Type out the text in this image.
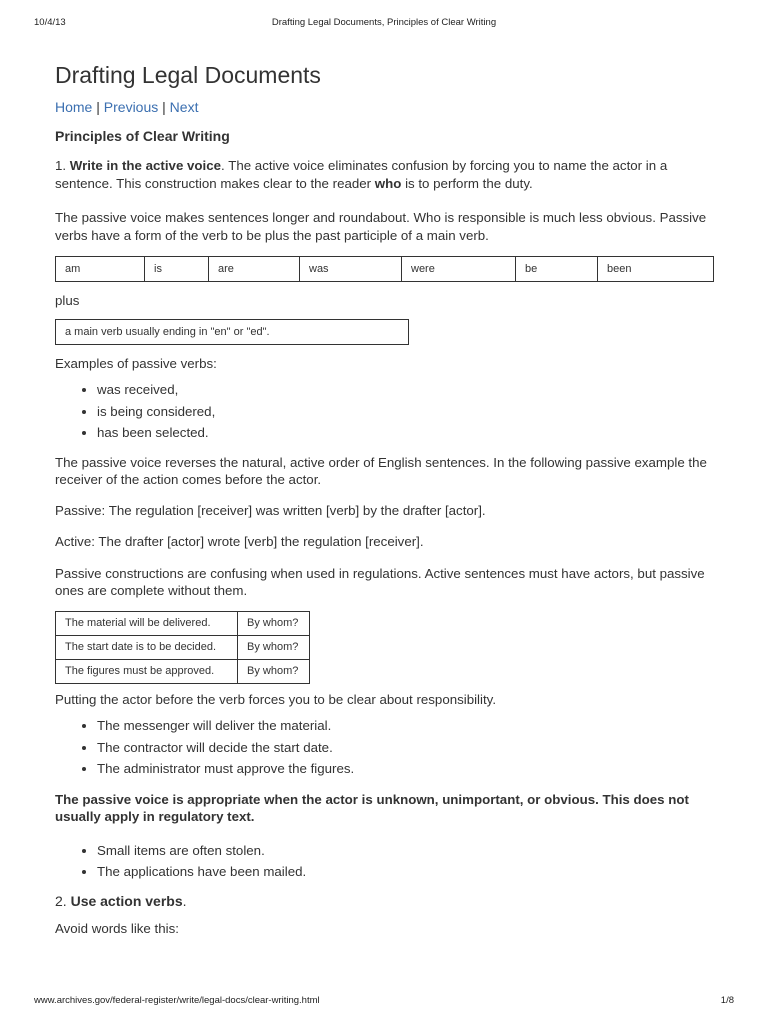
10/4/13	Drafting Legal Documents, Principles of Clear Writing
Drafting Legal Documents
Home | Previous | Next
Principles of Clear Writing

1. Write in the active voice. The active voice eliminates confusion by forcing you to name the actor in a sentence. This construction makes clear to the reader who is to perform the duty.

The passive voice makes sentences longer and roundabout. Who is responsible is much less obvious. Passive verbs have a form of the verb to be plus the past participle of a main verb.

am	is	are	was	were	be	been

plus

a main verb usually ending in "en" or "ed".

Examples of passive verbs:

• was received,
• is being considered,
• has been selected.

The passive voice reverses the natural, active order of English sentences. In the following passive example the receiver of the action comes before the actor.

Passive: The regulation [receiver] was written [verb] by the drafter [actor].

Active: The drafter [actor] wrote [verb] the regulation [receiver].

Passive constructions are confusing when used in regulations. Active sentences must have actors, but passive ones are complete without them.

The material will be delivered.	By whom?
The start date is to be decided.	By whom?
The figures must be approved.	By whom?

Putting the actor before the verb forces you to be clear about responsibility.

• The messenger will deliver the material.
• The contractor will decide the start date.
• The administrator must approve the figures.

The passive voice is appropriate when the actor is unknown, unimportant, or obvious. This does not usually apply in regulatory text.

• Small items are often stolen.
• The applications have been mailed.

2. Use action verbs.

Avoid words like this:

www.archives.gov/federal-register/write/legal-docs/clear-writing.html	1/8
